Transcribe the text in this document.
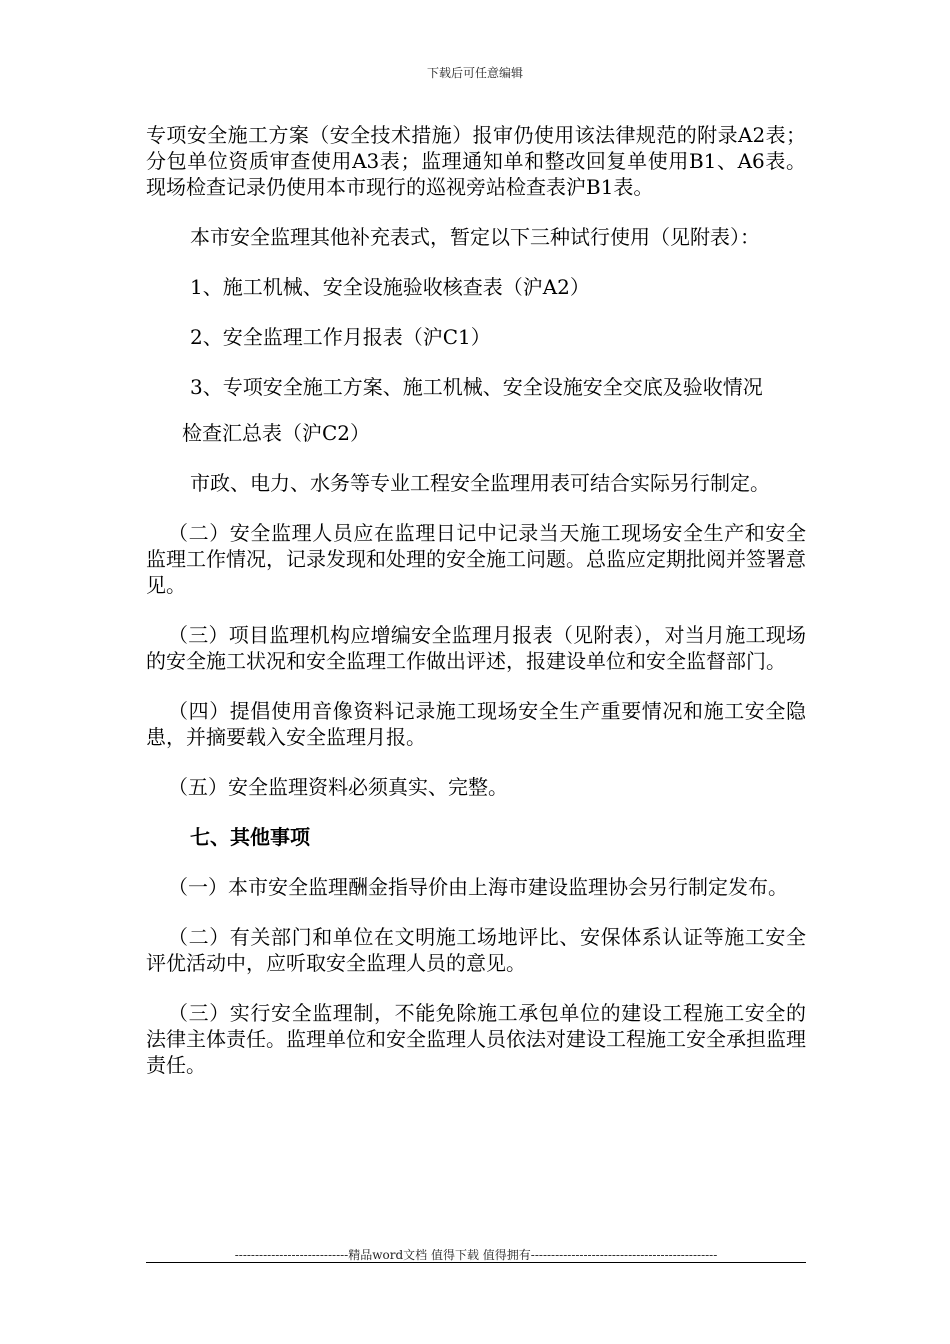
下载后可任意编辑

专项安全施工方案（安全技术措施）报审仍使用该法律规范的附录A2表；分包单位资质审查使用A3表；监理通知单和整改回复单使用B1、A6表。现场检查记录仍使用本市现行的巡视旁站检查表沪B1表。

本市安全监理其他补充表式，暂定以下三种试行使用（见附表）：

1、施工机械、安全设施验收核查表（沪A2）

2、安全监理工作月报表（沪C1）

3、专项安全施工方案、施工机械、安全设施安全交底及验收情况

检查汇总表（沪C2）

市政、电力、水务等专业工程安全监理用表可结合实际另行制定。

（二）安全监理人员应在监理日记中记录当天施工现场安全生产和安全监理工作情况，记录发现和处理的安全施工问题。总监应定期批阅并签署意见。

（三）项目监理机构应增编安全监理月报表（见附表），对当月施工现场的安全施工状况和安全监理工作做出评述，报建设单位和安全监督部门。

（四）提倡使用音像资料记录施工现场安全生产重要情况和施工安全隐患，并摘要载入安全监理月报。

（五）安全监理资料必须真实、完整。

七、其他事项

（一）本市安全监理酬金指导价由上海市建设监理协会另行制定发布。

（二）有关部门和单位在文明施工场地评比、安保体系认证等施工安全评优活动中，应听取安全监理人员的意见。

（三）实行安全监理制，不能免除施工承包单位的建设工程施工安全的法律主体责任。监理单位和安全监理人员依法对建设工程施工安全承担监理责任。

----------------------------精品word文档 值得下载 值得拥有----------------------------------------------
